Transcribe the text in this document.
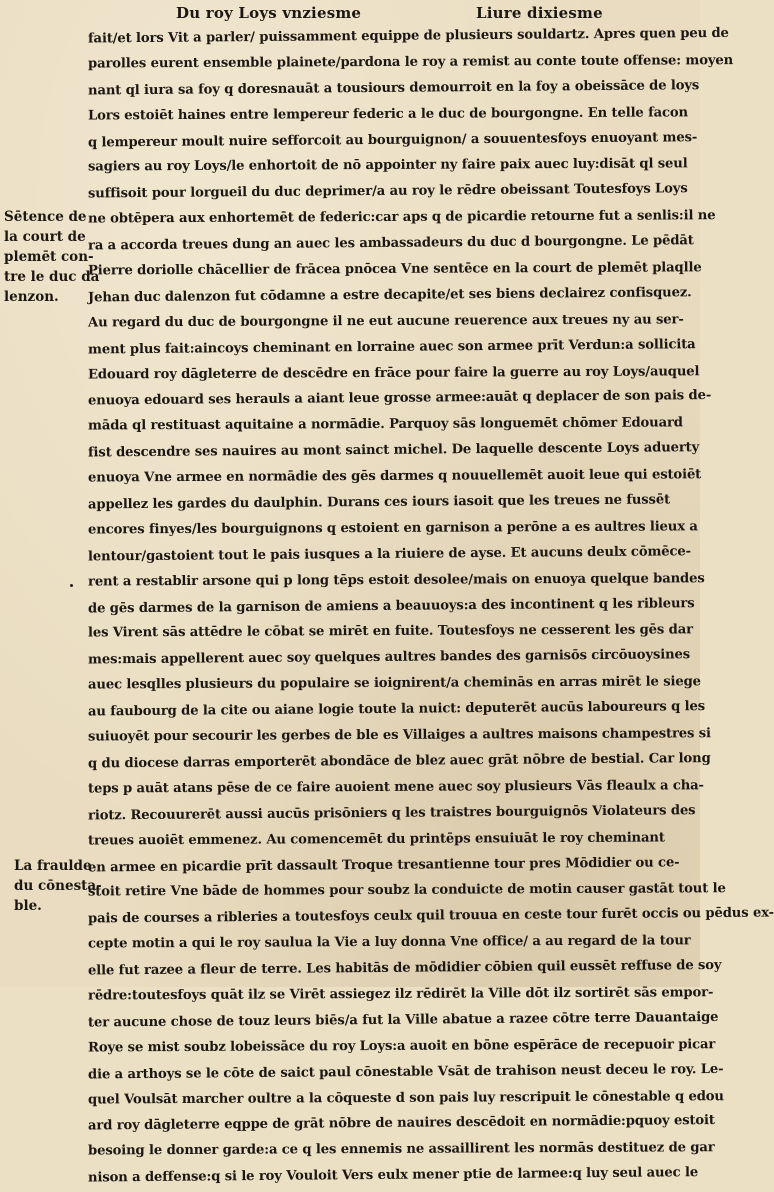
Du roy Loys vnziesme	Liure dixiesme
fait/et lors Vit a parler/ puissamment equippe de plusieurs souldartz. Apres quen peu de
parolles eurent ensemble plainete/pardona le roy a remist au conte toute offense: moyen
nant ql iura sa foy q doresnauāt a tousiours demourroit en la foy a obeissāce de loys
Lors estoiēt haines entre lempereur federic a le duc de bourgongne. En telle facon
q lempereur moult nuire sefforcoit au bourguignon/ a souuentesfoys enuoyant mes-
sagiers au roy Loys/le enhortoit de nō appointer ny faire paix auec luy:disāt ql seul
suffisoit pour lorgueil du duc deprimer/a au roy le rēdre obeissant Toutesfoys Loys
ne obtēpera aux enhortemēt de federic:car aps q de picardie retourne fut a senlis:il ne
ra a accorda treues dung an auec les ambassadeurs du duc d bourgongne. Le pēdāt
Pierre doriolle chācellier de frācea pnōcea Vne sentēce en la court de plemēt plaqlle
Jehan duc dalenzon fut cōdamne a estre decapite/et ses biens declairez confisquez.
Au regard du duc de bourgongne il ne eut aucune reuerence aux treues ny au ser-
ment plus fait:aincoys cheminant en lorraine auec son armee prīt Verdun:a sollicita
Edouard roy dāgleterre de descēdre en frāce pour faire la guerre au roy Loys/auquel
enuoya edouard ses herauls a aiant leue grosse armee:auāt q deplacer de son pais de-
māda ql restituast aquitaine a normādie. Parquoy sās longuemēt chōmer Edouard
fist descendre ses nauires au mont sainct michel. De laquelle descente Loys aduerty
enuoya Vne armee en normādie des gēs darmes q nouuellemēt auoit leue qui estoiēt
appellez les gardes du daulphin. Durans ces iours iasoit que les treues ne fussēt
encores finyes/les bourguignons q estoient en garnison a perōne a es aultres lieux a
lentour/gastoient tout le pais iusques a la riuiere de ayse. Et aucuns deulx cōmēce-
rent a restablir arsone qui p long tēps estoit desolee/mais on enuoya quelque bandes
de gēs darmes de la garnison de amiens a beauuoys:a des incontinent q les ribleurs
les Virent sās attēdre le cōbat se mirēt en fuite. Toutesfoys ne cesserent les gēs dar
mes:mais appellerent auec soy quelques aultres bandes des garnisōs circōuoysines
auec lesqlles plusieurs du populaire se ioignirent/a cheminās en arras mirēt le siege
au faubourg de la cite ou aiane logie toute la nuict: deputerēt aucūs laboureurs q les
suiuoyēt pour secourir les gerbes de ble es Villaiges a aultres maisons champestres si
q du diocese darras emporterēt abondāce de blez auec grāt nōbre de bestial. Car long
teps p auāt atans pēse de ce faire auoient mene auec soy plusieurs Vās fleaulx a cha-
riotz. Recouurerēt aussi aucūs prisōniers q les traistres bourguignōs Violateurs des
treues auoiēt emmenez. Au comencemēt du printēps ensuiuāt le roy cheminant
en armee en picardie prīt dassault Troque tresantienne tour pres Mōdidier ou ce-
stoit retire Vne bāde de hommes pour soubz la conduicte de motin causer gastāt tout le
pais de courses a ribleries a toutesfoys ceulx quil trouua en ceste tour furēt occis ou pēdus ex-
cepte motin a qui le roy saulua la Vie a luy donna Vne office/ a au regard de la tour
elle fut razee a fleur de terre. Les habitās de mōdidier cōbien quil eussēt reffuse de soy
rēdre:toutesfoys quāt ilz se Virēt assiegez ilz rēdirēt la Ville dōt ilz sortirēt sās empor-
ter aucune chose de touz leurs biēs/a fut la Ville abatue a razee cōtre terre Dauantaige
Roye se mist soubz lobeissāce du roy Loys:a auoit en bōne espērāce de recepuoir picar
die a arthoys se le cōte de saict paul cōnestable Vsāt de trahison neust deceu le roy. Le-
quel Voulsāt marcher oultre a la cōqueste d son pais luy rescripuit le cōnestable q edou
ard roy dāgleterre eqppe de grāt nōbre de nauires descēdoit en normādie:pquoy estoit
besoing le donner garde:a ce q les ennemis ne assaillirent les normās destituez de gar
nison a deffense:q si le roy Vouloit Vers eulx mener ptie de larmee:q luy seul auec le
Sētence de
la court de
plemēt con-
tre le duc da
lenzon.
La fraulde
du cōnesta-
ble.
